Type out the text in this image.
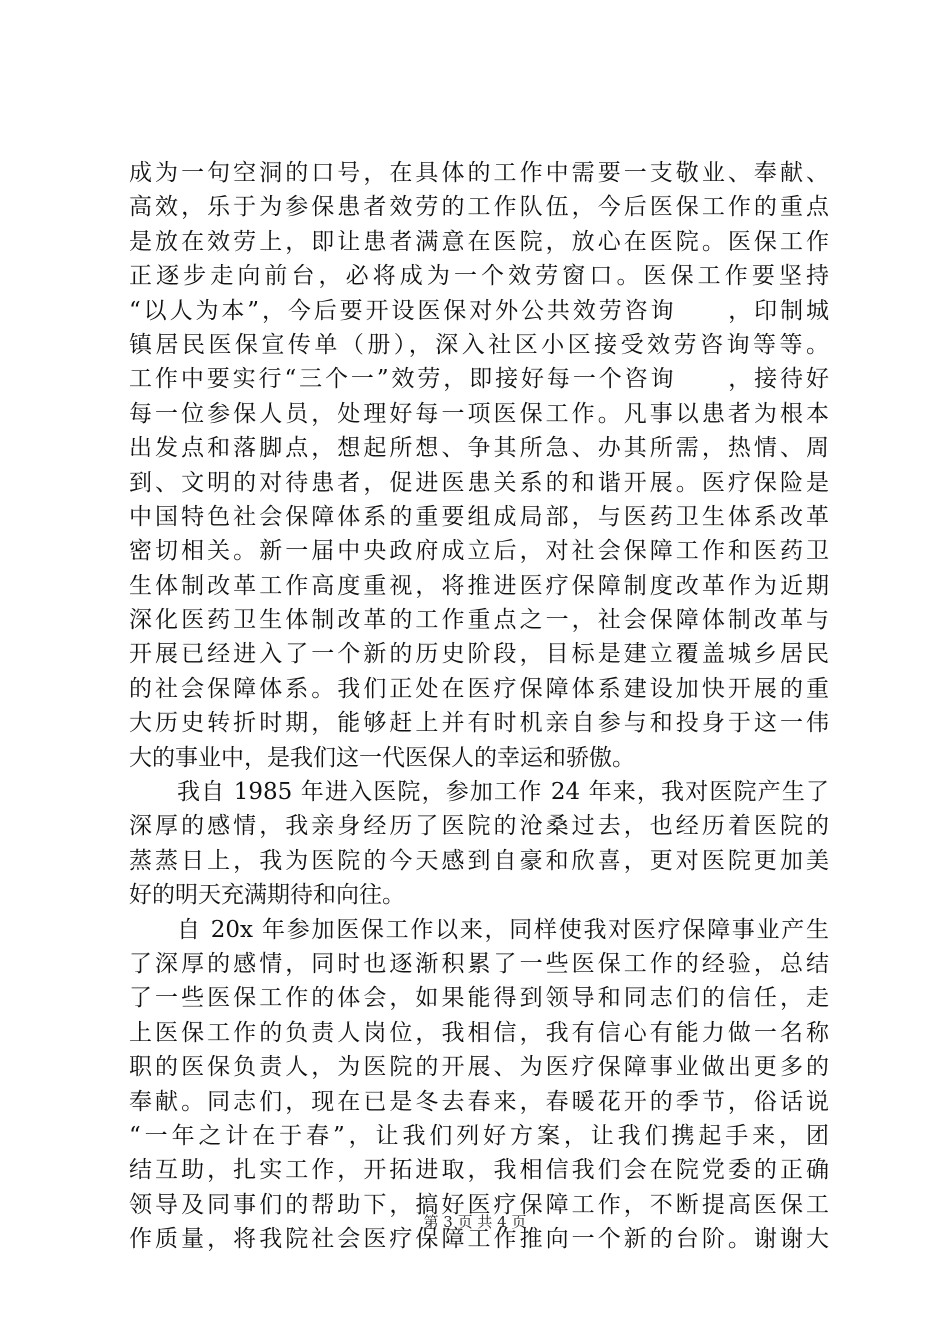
成为一句空洞的口号，在具体的工作中需要一支敬业、奉献、
高效，乐于为参保患者效劳的工作队伍，今后医保工作的重点
是放在效劳上，即让患者满意在医院，放心在医院。医保工作
正逐步走向前台，必将成为一个效劳窗口。医保工作要坚持
“以人为本”，今后要开设医保对外公共效劳咨询　　，印制城
镇居民医保宣传单（册），深入社区小区接受效劳咨询等等。
工作中要实行“三个一”效劳，即接好每一个咨询　　，接待好
每一位参保人员，处理好每一项医保工作。凡事以患者为根本
出发点和落脚点，想起所想、争其所急、办其所需，热情、周
到、文明的对待患者，促进医患关系的和谐开展。医疗保险是
中国特色社会保障体系的重要组成局部，与医药卫生体系改革
密切相关。新一届中央政府成立后，对社会保障工作和医药卫
生体制改革工作高度重视，将推进医疗保障制度改革作为近期
深化医药卫生体制改革的工作重点之一，社会保障体制改革与
开展已经进入了一个新的历史阶段，目标是建立覆盖城乡居民
的社会保障体系。我们正处在医疗保障体系建设加快开展的重
大历史转折时期，能够赶上并有时机亲自参与和投身于这一伟
大的事业中，是我们这一代医保人的幸运和骄傲。
我自 1985 年进入医院，参加工作 24 年来，我对医院产生了
深厚的感情，我亲身经历了医院的沧桑过去，也经历着医院的
蒸蒸日上，我为医院的今天感到自豪和欣喜，更对医院更加美
好的明天充满期待和向往。
自 20x 年参加医保工作以来，同样使我对医疗保障事业产生
了深厚的感情，同时也逐渐积累了一些医保工作的经验，总结
了一些医保工作的体会，如果能得到领导和同志们的信任，走
上医保工作的负责人岗位，我相信，我有信心有能力做一名称
职的医保负责人，为医院的开展、为医疗保障事业做出更多的
奉献。同志们，现在已是冬去春来，春暖花开的季节，俗话说
“一年之计在于春”，让我们列好方案，让我们携起手来，团
结互助，扎实工作，开拓进取，我相信我们会在院党委的正确
领导及同事们的帮助下，搞好医疗保障工作，不断提高医保工
作质量，将我院社会医疗保障工作推向一个新的台阶。谢谢大
第 3 页 共 4 页
